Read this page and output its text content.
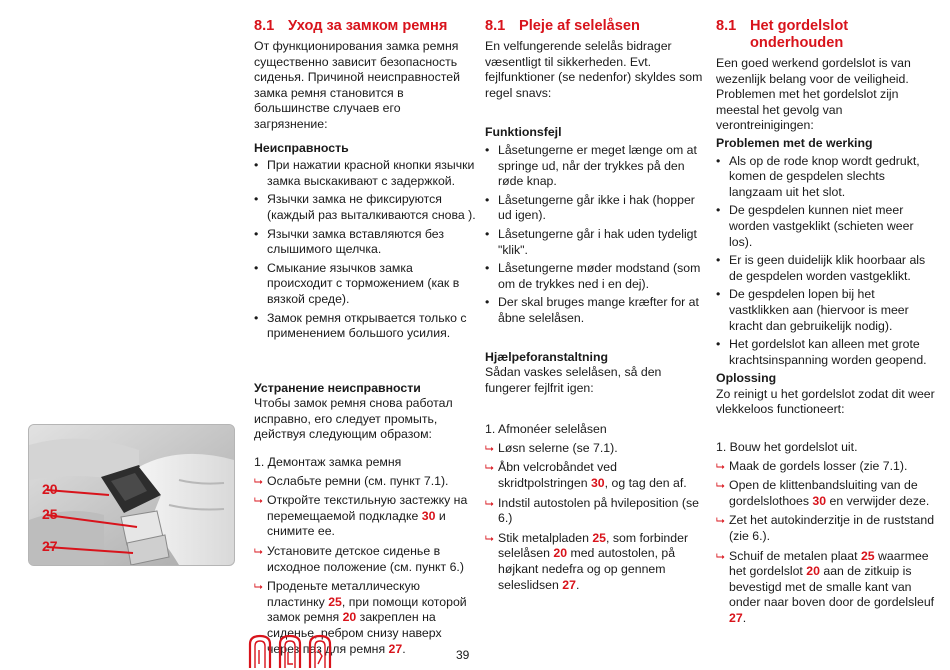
8.1 Уход за замком ремня

От функционирования замка ремня существенно зависит безопасность сиденья. Причиной неисправностей замка ремня становится в большинстве случаев его загрязнение:

Неисправность

• При нажатии красной кнопки язычки замка выскакивают с задержкой.
• Язычки замка не фиксируются (каждый раз выталкиваются снова ).
• Язычки замка вставляются без слышимого щелчка.
• Смыкание язычков замка происходит с торможением (как в вязкой среде).
• Замок ремня открывается только с применением большого усилия.

Устранение неисправности

Чтобы замок ремня снова работал исправно, его следует промыть, действуя следующим образом:

1. Демонтаж замка ремня

⮡ Ослабьте ремни (см. пункт 7.1).
⮡ Откройте текстильную застежку на перемещаемой подкладке 30 и снимите ее.
⮡ Установите детское сиденье в исходное положение (см. пункт 6.)
⮡ Проденьте металлическую пластинку 25, при помощи которой замок ремня 20 закреплен на сиденье, ребром снизу наверх через паз для ремня 27.
8.1 Pleje af selelåsen

En velfungerende selelås bidrager væsentligt til sikkerheden. Evt. fejlfunktioner (se nedenfor) skyldes som regel snavs:

Funktionsfejl

• Låsetungerne er meget længe om at springe ud, når der trykkes på den røde knap.
• Låsetungerne går ikke i hak (hopper ud igen).
• Låsetungerne går i hak uden tydeligt "klik".
• Låsetungerne møder modstand (som om de trykkes ned i en dej).
• Der skal bruges mange kræfter for at åbne selelåsen.

Hjælpeforanstaltning

Sådan vaskes selelåsen, så den fungerer fejlfrit igen:

1. Afmonéer selelåsen

⮡ Løsn selerne (se 7.1).
⮡ Åbn velcrobåndet ved skridtpolstringen 30, og tag den af.
⮡ Indstil autostolen på hvileposition (se 6.)
⮡ Stik metalpladen 25, som forbinder selelåsen 20 med autostolen, på højkant nedefra og op gennem seleslidsen 27.
8.1 Het gordelslot onderhouden

Een goed werkend gordelslot is van wezenlijk belang voor de veiligheid. Problemen met het gordelslot zijn meestal het gevolg van verontreinigingen:

Problemen met de werking

• Als op de rode knop wordt gedrukt, komen de gespdelen slechts langzaam uit het slot.
• De gespdelen kunnen niet meer worden vastgeklikt (schieten weer los).
• Er is geen duidelijk klik hoorbaar als de gespdelen worden vastgeklikt.
• De gespdelen lopen bij het vastklikken aan (hiervoor is meer kracht dan gebruikelijk nodig).
• Het gordelslot kan alleen met grote krachtsinspanning worden geopend.

Oplossing

Zo reinigt u het gordelslot zodat dit weer vlekkeloos functioneert:

1. Bouw het gordelslot uit.

⮡ Maak de gordels losser (zie 7.1).
⮡ Open de klittenbandsluiting van de gordelslothoes 30 en verwijder deze.
⮡ Zet het autokinderzitje in de ruststand (zie 6.).
⮡ Schuif de metalen plaat 25 waarmee het gordelslot 20 aan de zitkuip is bevestigd met de smalle kant van onder naar boven door de gordelsleuf 27.
20
25
27
39
